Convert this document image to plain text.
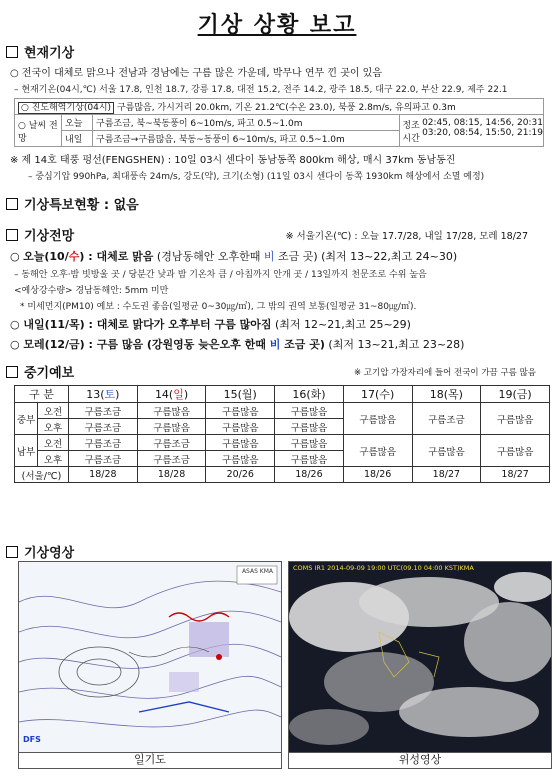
기상 상황 보고
현재기상
○ 전국이 대체로 맑으나 전남과 경남에는 구름 많은 가운데, 박무나 연무 낀 곳이 있음
– 현재기온(04시,℃) 서울 17.8, 인천 18.7, 강릉 17.8, 대전 15.2, 전주 14.2, 광주 18.5, 대구 22.0, 부산 22.9, 제주 22.1
○ 진도해역기상(04시) 구름많음, 가시거리 20.0km, 기온 21.2℃(수온 23.0), 북풍 2.8m/s, 유의파고 0.3m			
○ 날씨 전망	오늘	구름조금, 북~북동풍이 6~10m/s, 파고 0.5~1.0m	정조 시간
02:45, 08:15, 14:56, 20:31
03:20, 08:54, 15:50, 21:19

	내일	구름조금→구름많음, 북동~동풍이 6~10m/s, 파고 0.5~1.0m	
※ 제 14호 태풍 펑선(FENGSHEN) : 10일 03시 센다이 동남동쪽 800km 해상, 매시 37km 동남동진
– 중심기압 990hPa, 최대풍속 24m/s, 강도(약), 크기(소형) (11일 03시 센다이 동쪽 1930km 해상에서 소멸 예정)
기상특보현황 : 없음
기상전망	※ 서울기온(℃) : 오늘 17.7/28, 내일 17/28, 모레 18/27
○ 오늘(10/수) : 대체로 맑음 (경남동해안 오후한때 비 조금 곳) (최저 13~22,최고 24~30)
– 동해안 오후·밤 빗방울 곳 / 당분간 낮과 밤 기온차 큼 / 아침까지 안개 곳 / 13일까지 천문조로 수위 높음
<예상강수량> 경남동해안: 5mm 미만
* 미세먼지(PM10) 예보 : 수도권 좋음(일평균 0~30㎍/㎥), 그 밖의 권역 보통(일평균 31~80㎍/㎥).
○ 내일(11/목) : 대체로 맑다가 오후부터 구름 많아짐 (최저 12~21,최고 25~29)
○ 모레(12/금) : 구름 많음 (강원영동 늦은오후 한때 비 조금 곳) (최저 13~21,최고 23~28)
중기예보	※ 고기압 가장자리에 들어 전국이 가끔 구름 많음
구 분		13(토)	14(일)	15(월)	16(화)	17(수)	18(목)	19(금)
중부	오전	구름조금	구름많음	구름많음	구름많음	구름많음	구름조금	구름많음
	오후	구름조금	구름많음	구름많음	구름많음			
남부	오전	구름조금	구름조금	구름많음	구름많음	구름많음	구름많음	구름많음
	오후	구름조금	구름조금	구름많음	구름많음			
(서울/℃)		18/28	18/28	20/26	18/26	18/26	18/27	18/27
기상영상
ASAS KMA
DFS
일기도
COMS IR1 2014-09-09 19:00 UTC(09.10 04:00 KST)KMA
위성영상
